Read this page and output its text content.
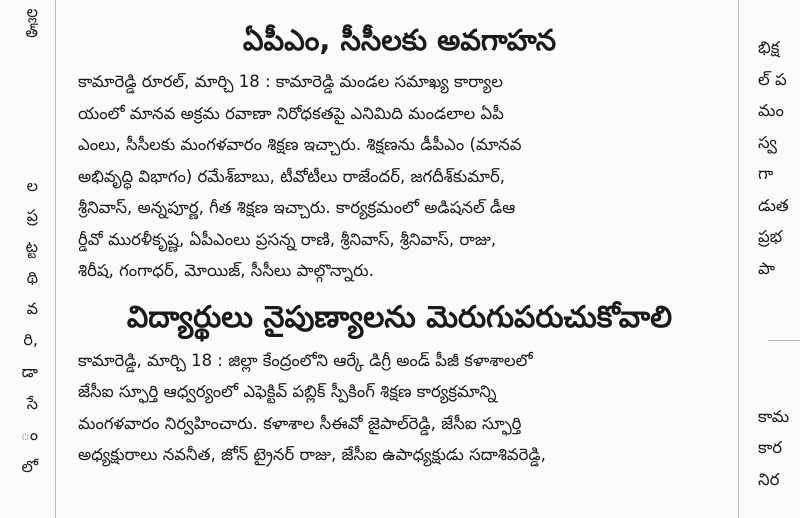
ల్ల
త్
ల
ప్ర
ట్ట
థి
వ
రి,
డా
సే
ం
లో
ఏపీఎం, సీసీలకు అవగాహన
కామారెడ్డి రూరల్, మార్చి 18 : కామారెడ్డి మండల సమాఖ్య కార్యాల
యంలో మానవ అక్రమ రవాణా నిరోధకతపై ఎనిమిది మండలాల ఏపీ
ఎంలు, సీసీలకు మంగళవారం శిక్షణ ఇచ్చారు. శిక్షణను డీపీఎం (మానవ
అభివృద్ధి విభాగం) రమేశ్‌బాబు, టీవోటీలు రాజేందర్, జగదీశ్‌కుమార్,
శ్రీనివాస్, అన్నపూర్ణ, గీత శిక్షణ ఇచ్చారు. కార్యక్రమంలో అడిషనల్ డీఆ
ర్డీవో మురళీకృష్ణ, ఏపీఎంలు ప్రసన్న రాణి, శ్రీనివాస్, శ్రీనివాస్, రాజు,
శిరీష, గంగాధర్, మోయిజ్, సీసీలు పాల్గొన్నారు.
విద్యార్థులు నైపుణ్యాలను మెరుగుపరుచుకోవాలి
కామారెడ్డి, మార్చి 18 : జిల్లా కేంద్రంలోని ఆర్కే డిగ్రీ అండ్ పీజీ కళాశాలలో
జేసీఐ స్ఫూర్తి ఆధ్వర్యంలో ఎఫెక్టివ్ పబ్లిక్ స్పీకింగ్ శిక్షణ కార్యక్రమాన్ని
మంగళవారం నిర్వహించారు. కళాశాల సీఈవో జైపాల్‌రెడ్డి, జేసీఐ స్ఫూర్తి
అధ్యక్షురాలు నవనీత, జోన్ ట్రైనర్ రాజు, జేసీఐ ఉపాధ్యక్షుడు సదాశివరెడ్డి,
భిక్ష
ల్ ప
మం
స్వ
గా
డుత
ప్రభ
పా
కామ
కార
నిర
